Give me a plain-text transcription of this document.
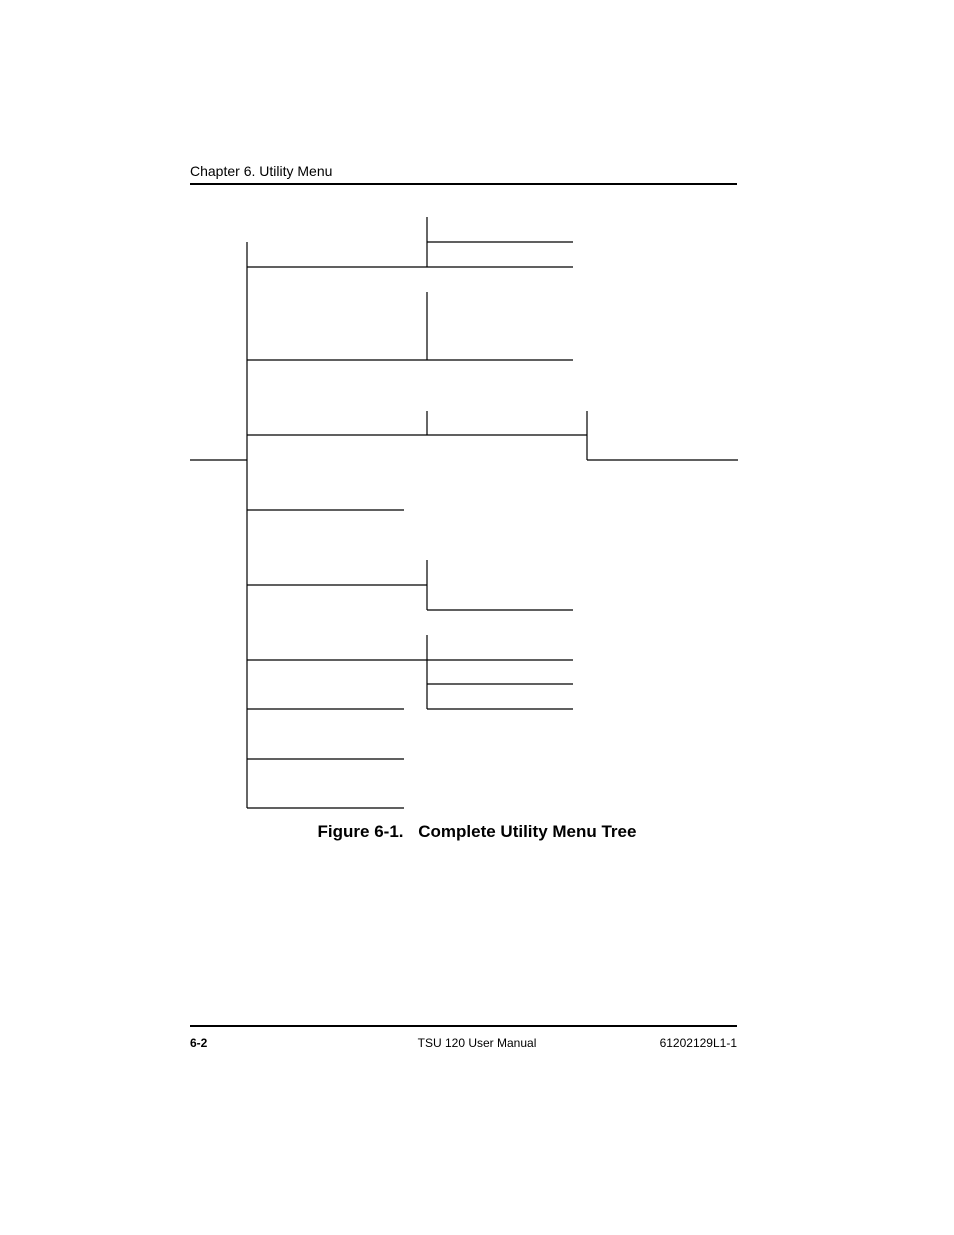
Chapter 6. Utility Menu
Figure 6-1. Complete Utility Menu Tree
6-2	TSU 120 User Manual	61202129L1-1
